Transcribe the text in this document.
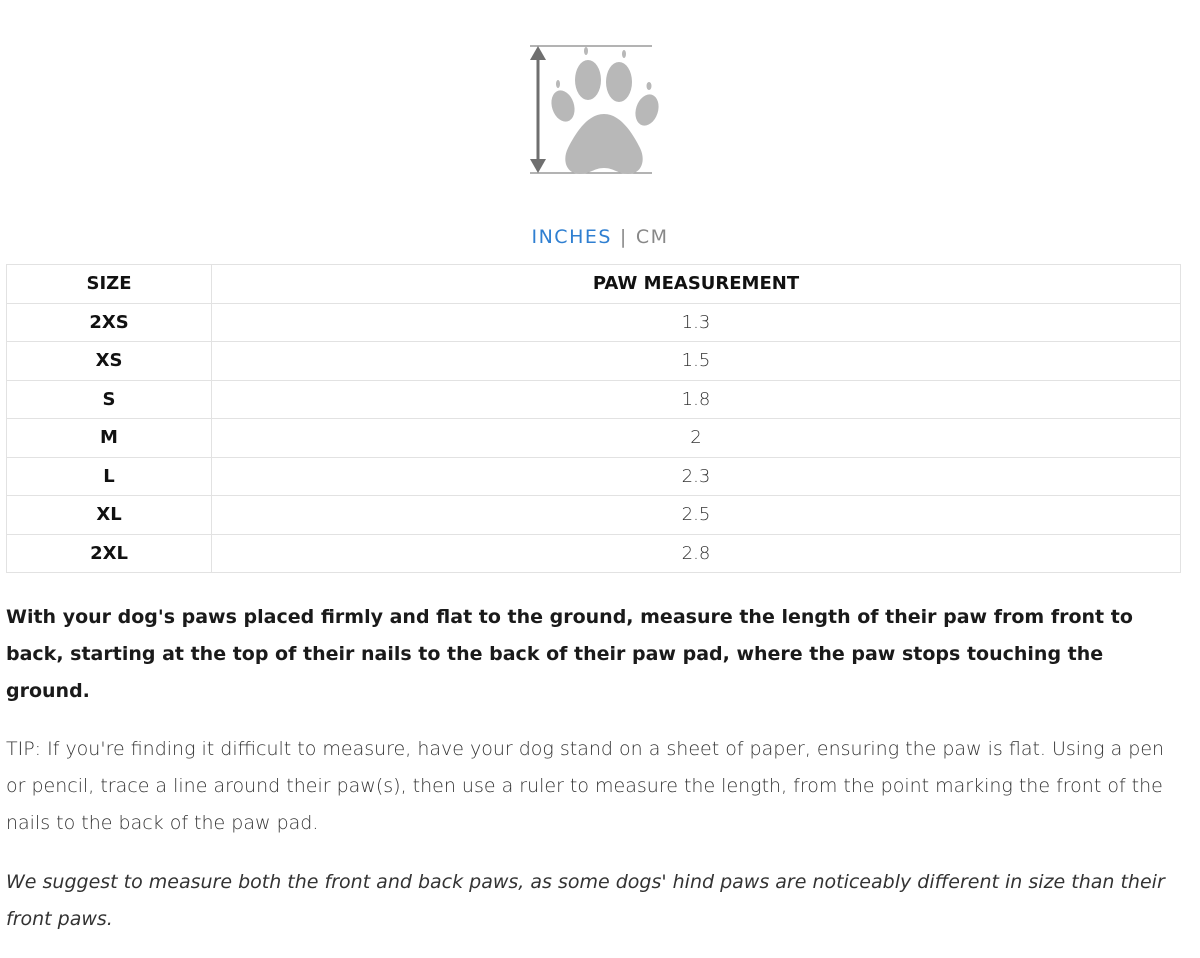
INCHES | CM
SIZE	PAW MEASUREMENT
2XS	1.3
XS	1.5
S	1.8
M	2
L	2.3
XL	2.5
2XL	2.8

With your dog's paws placed firmly and flat to the ground, measure the length of their paw from front to back, starting at the top of their nails to the back of their paw pad, where the paw stops touching the ground.

TIP: If you're finding it difficult to measure, have your dog stand on a sheet of paper, ensuring the paw is flat. Using a pen or pencil, trace a line around their paw(s), then use a ruler to measure the length, from the point marking the front of the nails to the back of the paw pad.

We suggest to measure both the front and back paws, as some dogs' hind paws are noticeably different in size than their front paws.
